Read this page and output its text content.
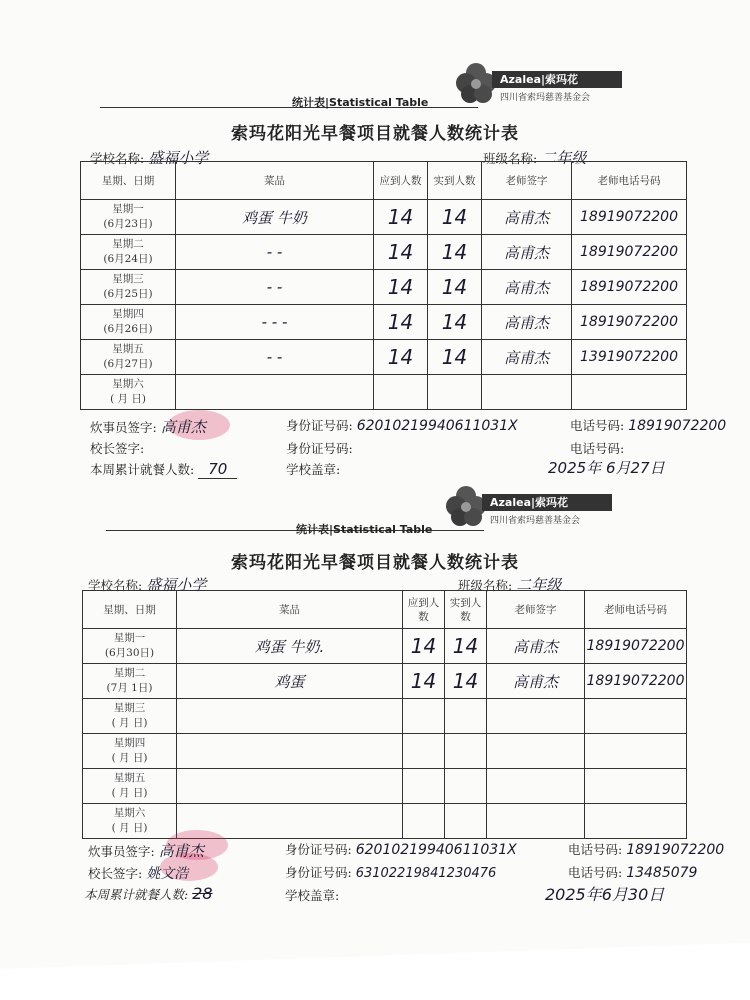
Azalea|索玛花
四川省索玛慈善基金会
统计表|Statistical Table
索玛花阳光早餐项目就餐人数统计表
学校名称: 盛福小学	班级名称: 二年级
星期、日期	菜品	应到人数	实到人数	老师签字	老师电话号码

星期一
(6月23日)	鸡蛋 牛奶	14	14	高甫杰	18919072200

星期二
(6月24日)	- -	14	14	高甫杰	18919072200

星期三
(6月25日)	- -	14	14	高甫杰	18919072200

星期四
(6月26日)	- - -	14	14	高甫杰	18919072200

星期五
(6月27日)	- -	14	14	高甫杰	13919072200

星期六
( 月 日)					

炊事员签字: 高甫杰	身份证号码: 62010219940611031X	电话号码: 18919072200
校长签字:	身份证号码:	电话号码:
本周累计就餐人数: 70	学校盖章:	2025年 6月27日
Azalea|索玛花
四川省索玛慈善基金会
统计表|Statistical Table
索玛花阳光早餐项目就餐人数统计表
学校名称: 盛福小学	班级名称: 二年级
星期、日期	菜品	应到人数	实到人数	老师签字	老师电话号码

星期一
(6月30日)	鸡蛋 牛奶.	14	14	高甫杰	18919072200

星期二
(7月 1日)	鸡蛋	14	14	高甫杰	18919072200

星期三
( 月 日)					

星期四
( 月 日)					

星期五
( 月 日)					

星期六
( 月 日)					

炊事员签字: 高甫杰	身份证号码: 62010219940611031X	电话号码: 18919072200
校长签字: 姚文浩	身份证号码: 63102219841230476	电话号码: 13485079
本周累计就餐人数: 28	学校盖章:	2025年6月30日
